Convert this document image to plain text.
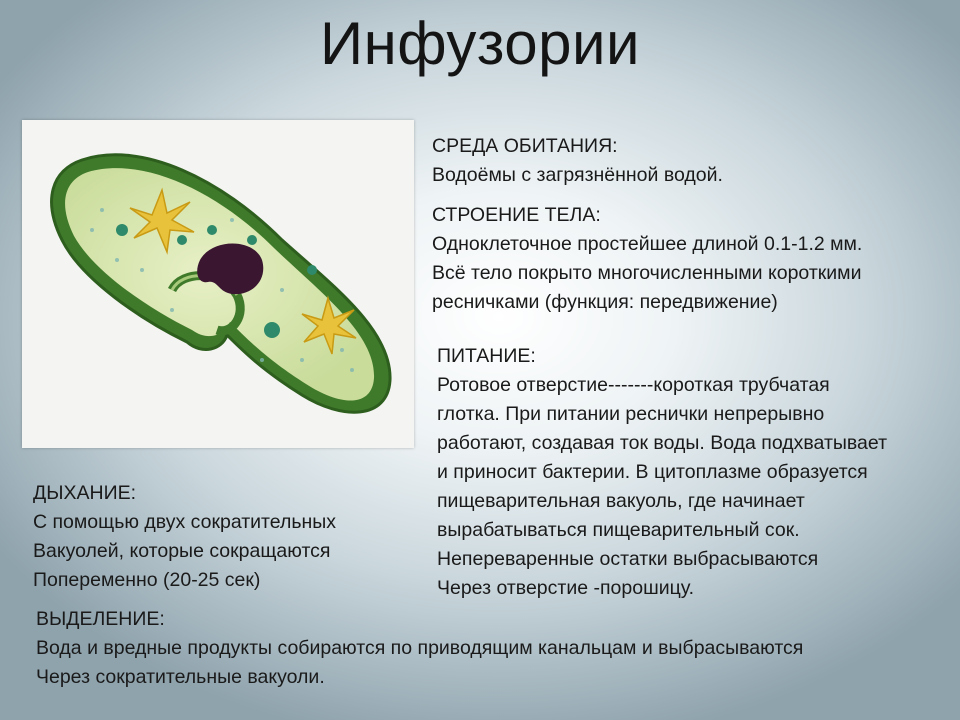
Инфузории
СРЕДА ОБИТАНИЯ:
Водоёмы с загрязнённой водой.
СТРОЕНИЕ ТЕЛА:
Одноклеточное простейшее длиной 0.1-1.2 мм.
Всё тело покрыто многочисленными короткими
ресничками (функция: передвижение)
ПИТАНИЕ:
Ротовое отверстие-------короткая трубчатая
глотка. При питании реснички непрерывно
работают, создавая ток воды. Вода подхватывает
и приносит бактерии. В цитоплазме образуется
пищеварительная вакуоль, где начинает
вырабатываться пищеварительный сок.
Непереваренные остатки выбрасываются
Через отверстие -порошицу.
ДЫХАНИЕ:
С помощью двух сократительных
Вакуолей, которые сокращаются
Попеременно (20-25 сек)
ВЫДЕЛЕНИЕ:
Вода и вредные продукты собираются по приводящим канальцам и выбрасываются
Через сократительные вакуоли.
